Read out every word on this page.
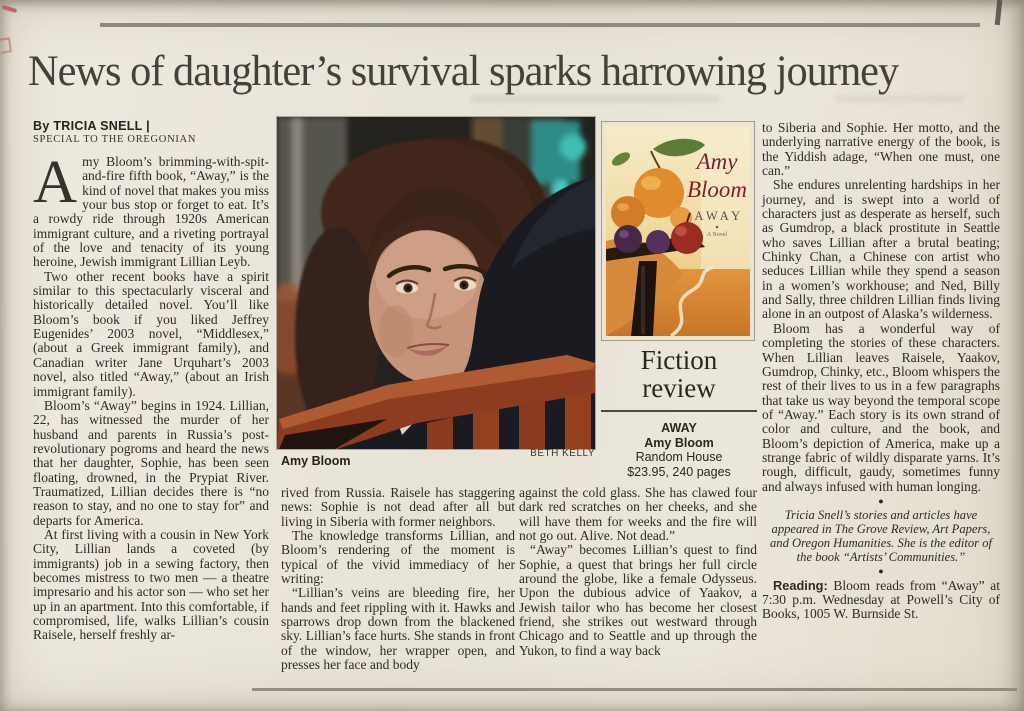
News of daughter’s survival sparks harrowing journey
By TRICIA SNELL |
SPECIAL TO THE OREGONIAN

Amy Bloom’s brimming-with-spit-and-fire fifth book, “Away,” is the kind of novel that makes you miss your bus stop or forget to eat. It’s a rowdy ride through 1920s American immigrant culture, and a riveting portrayal of the love and tenacity of its young heroine, Jewish immigrant Lillian Leyb.

Two other recent books have a spirit similar to this spectacularly visceral and historically detailed novel. You’ll like Bloom’s book if you liked Jeffrey Eugenides’ 2003 novel, “Middlesex,” (about a Greek immigrant family), and Canadian writer Jane Urquhart’s 2003 novel, also titled “Away,” (about an Irish immigrant family).

Bloom’s “Away” begins in 1924. Lillian, 22, has witnessed the murder of her husband and parents in Russia’s post-revolutionary pogroms and heard the news that her daughter, Sophie, has been seen floating, drowned, in the Prypiat River. Traumatized, Lillian decides there is “no reason to stay, and no one to stay for” and departs for America.

At first living with a cousin in New York City, Lillian lands a coveted (by immigrants) job in a sewing factory, then becomes mistress to two men — a theatre impresario and his actor son — who set her up in an apartment. Into this comfortable, if compromised, life, walks Lillian’s cousin Raisele, herself freshly ar-

Amy Bloom
BETH KELLY
Amy
Bloom
AWAY
A Novel
Fiction
review
AWAY
Amy Bloom
Random House
$23.95, 240 pages

rived from Russia. Raisele has staggering news: Sophie is not dead after all but living in Siberia with former neighbors.

The knowledge transforms Lillian, and Bloom’s rendering of the moment is typical of the vivid immediacy of her writing:

“Lillian’s veins are bleeding fire, her hands and feet rippling with it. Hawks and sparrows drop down from the blackened sky. Lillian’s face hurts. She stands in front of the window, her wrapper open, and presses her face and body

against the cold glass. She has clawed four dark red scratches on her cheeks, and she will have them for weeks and the fire will not go out. Alive. Not dead.”

“Away” becomes Lillian’s quest to find Sophie, a quest that brings her full circle around the globe, like a female Odysseus. Upon the dubious advice of Yaakov, a Jewish tailor who has become her closest friend, she strikes out westward through Chicago and to Seattle and up through the Yukon, to find a way back

to Siberia and Sophie. Her motto, and the underlying narrative energy of the book, is the Yiddish adage, “When one must, one can.”

She endures unrelenting hardships in her journey, and is swept into a world of characters just as desperate as herself, such as Gumdrop, a black prostitute in Seattle who saves Lillian after a brutal beating; Chinky Chan, a Chinese con artist who seduces Lillian while they spend a season in a women’s workhouse; and Ned, Billy and Sally, three children Lillian finds living alone in an outpost of Alaska’s wilderness.

Bloom has a wonderful way of completing the stories of these characters. When Lillian leaves Raisele, Yaakov, Gumdrop, Chinky, etc., Bloom whispers the rest of their lives to us in a few paragraphs that take us way beyond the temporal scope of “Away.” Each story is its own strand of color and culture, and the book, and Bloom’s depiction of America, make up a strange fabric of wildly disparate yarns. It’s rough, difficult, gaudy, sometimes funny and always infused with human longing.

●

Tricia Snell’s stories and articles have appeared in The Grove Review, Art Papers, and Oregon Humanities. She is the editor of the book “Artists’ Communities.”

●

Reading: Bloom reads from “Away” at 7:30 p.m. Wednesday at Powell’s City of Books, 1005 W. Burnside St.
